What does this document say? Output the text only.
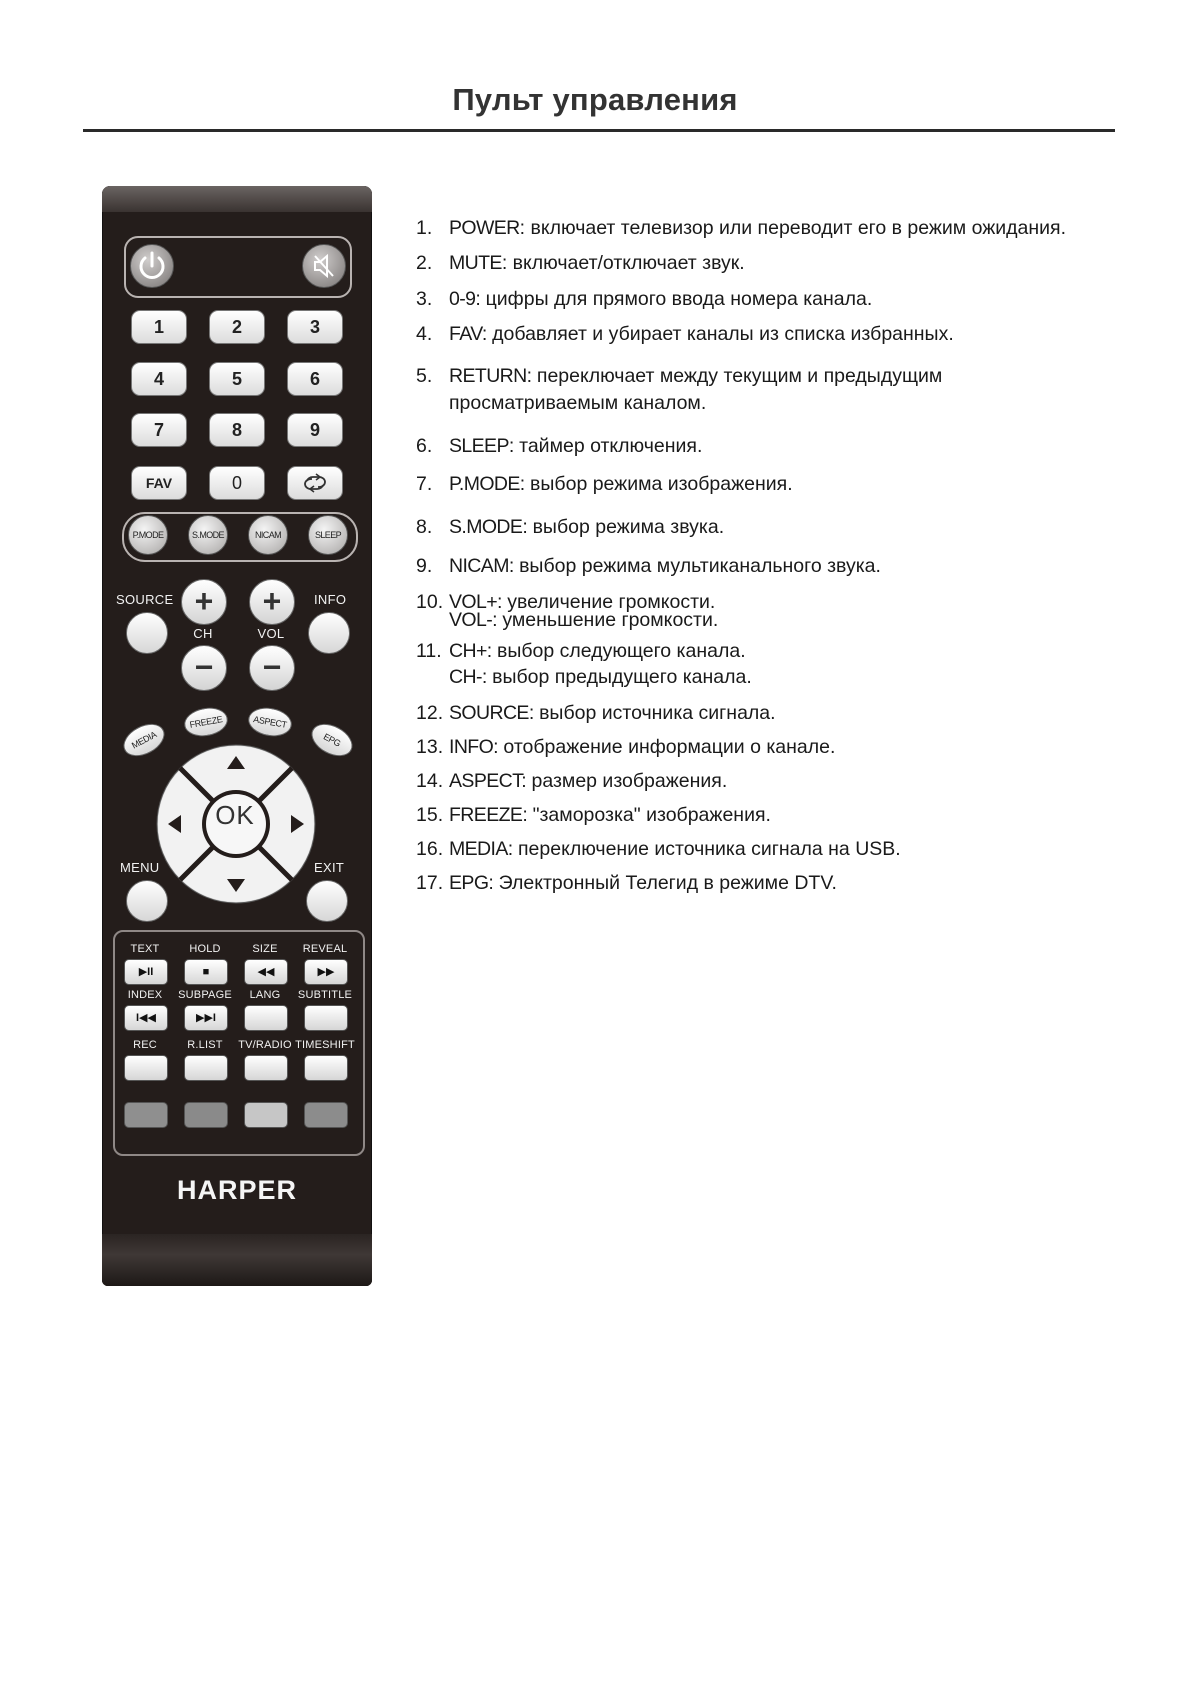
Пульт управления
1	2	3
4	5	6
7	8	9
FAV	0
P.MODE	S.MODE	NICAM	SLEEP
SOURCE +
CH
−
+
VOL
−
INFO
MEDIA
FREEZE	ASPECT
EPG
OK
MENU	EXIT
TEXT	HOLD	SIZE	REVEAL
▶II	■	◀◀	▶▶
INDEX	SUBPAGE	LANG	SUBTITLE
I◀◀	▶▶I
REC	R.LIST	TV/RADIO TIMESHIFT
HARPER
1. POWER: включает телевизор или переводит его в режим ожидания.
2. MUTE: включает/отключает звук.
3. 0-9: цифры для прямого ввода номера канала.
4. FAV: добавляет и убирает каналы из списка избранных.
5. RETURN: переключает между текущим и предыдущим
просматриваемым каналом.
6. SLEEP: таймер отключения.
7. P.MODE: выбор режима изображения.
8. S.MODE: выбор режима звука.
9. NICAM: выбор режима мультиканального звука.
10. VOL+: увеличение громкости.
VOL-: уменьшение громкости.
11. CH+: выбор следующего канала.
CH-: выбор предыдущего канала.
12. SOURCE: выбор источника сигнала.
13. INFO: отображение информации о канале.
14. ASPECT: размер изображения.
15. FREEZE: "заморозка" изображения.
16. MEDIA: переключение источника сигнала на USB.
17. EPG: Электронный Телегид в режиме DTV.
